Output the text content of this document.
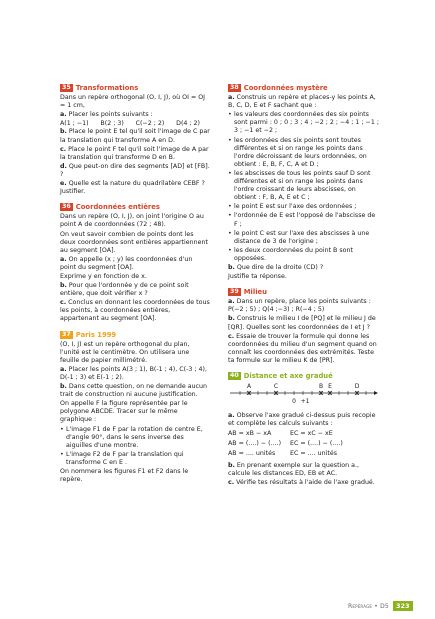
35 Transformations

Dans un repère orthogonal (O, I, J), où OI = OJ = 1 cm,

a. Placer les points suivants :

A(1 ; −1) B(2 ; 3) C(−2 ; 2) D(4 ; 2)

b. Place le point E tel qu'il soit l'image de C par la translation qui transforme A en D.

c. Place le point F tel qu'il soit l'image de A par la translation qui transforme D en B.

d. Que peut-on dire des segments [AD] et [FB]. ?

e. Quelle est la nature du quadrilatère CEBF ? Justifier.

36 Coordonnées entières

Dans un repère (O, I, J), on joint l'origine O au point A de coordonnées (72 ; 48).

On veut savoir combien de points dont les deux coordonnées sont entières appartiennent au segment [OA].

a. On appelle (x ; y) les coordonnées d'un point du segment [OA].

Exprime y en fonction de x.

b. Pour que l'ordonnée y de ce point soit entière, que doit vérifier x ?

c. Conclus en donnant les coordonnées de tous les points, à coordonnées entières, appartenant au segment [OA].

37 Paris 1999

(O, I, J) est un repère orthogonal du plan, l'unité est le centimètre. On utilisera une feuille de papier millimétré.

a. Placer les points A(3 ; 1), B(-1 ; 4), C(-3 ; 4), D(-1 ; 3) et E(-1 ; 2).

b. Dans cette question, on ne demande aucun trait de construction ni aucune justification.

On appelle F la figure représentée par le polygone ABCDE. Tracer sur le même graphique :

• L'image F1 de F par la rotation de centre E, d'angle 90°, dans le sens inverse des aiguilles d'une montre.
• L'image F2 de F par la translation qui transforme C en E .

On nommera les figures F1 et F2 dans le repère.

38 Coordonnées mystère

a. Construis un repère et places-y les points A, B, C, D, E et F sachant que :

• les valeurs des coordonnées des six points sont parmi : 0 ; 0 ; 3 ; 4 ; −2 ; 2 ; −4 ; 1 ; −1 ; 3 ; −1 et −2 ;
• les ordonnées des six points sont toutes différentes et si on range les points dans l'ordre décroissant de leurs ordonnées, on obtient : E, B, F, C, A et D ;
• les abscisses de tous les points sauf D sont différentes et si on range les points dans l'ordre croissant de leurs abscisses, on obtient : F, B, A, E et C ;
• le point E est sur l'axe des ordonnées ;
• l'ordonnée de E est l'opposé de l'abscisse de F ;
• le point C est sur l'axe des abscisses à une distance de 3 de l'origine ;
• les deux coordonnées du point B sont opposées.

b. Que dire de la droite (CD) ?

Justifie ta réponse.

39 Milieu

a. Dans un repère, place les points suivants : P(−2 ; 5) ; Q(4 ;−3) ; R(−4 ; 5)

b. Construis le milieu I de [PQ] et le milieu J de [QR]. Quelles sont les coordonnées de I et J ?

c. Essaie de trouver la formule qui donne les coordonnées du milieu d'un segment quand on connaît les coordonnées des extrémités. Teste ta formule sur le milieu K de [PR].

40 Distance et axe gradué
A	C	B E	D
0 +1

a. Observe l'axe gradué ci-dessus puis recopie et complète les calculs suivants :

AB = xB − xA	EC = xC − xE
AB = (....) − (....)	EC = (....) − (....)
AB = .... unités	EC = .... unités

b. En prenant exemple sur la question a., calcule les distances ED, EB et AC.

c. Vérifie tes résultats à l'aide de l'axe gradué.

Repérage • D5	323
